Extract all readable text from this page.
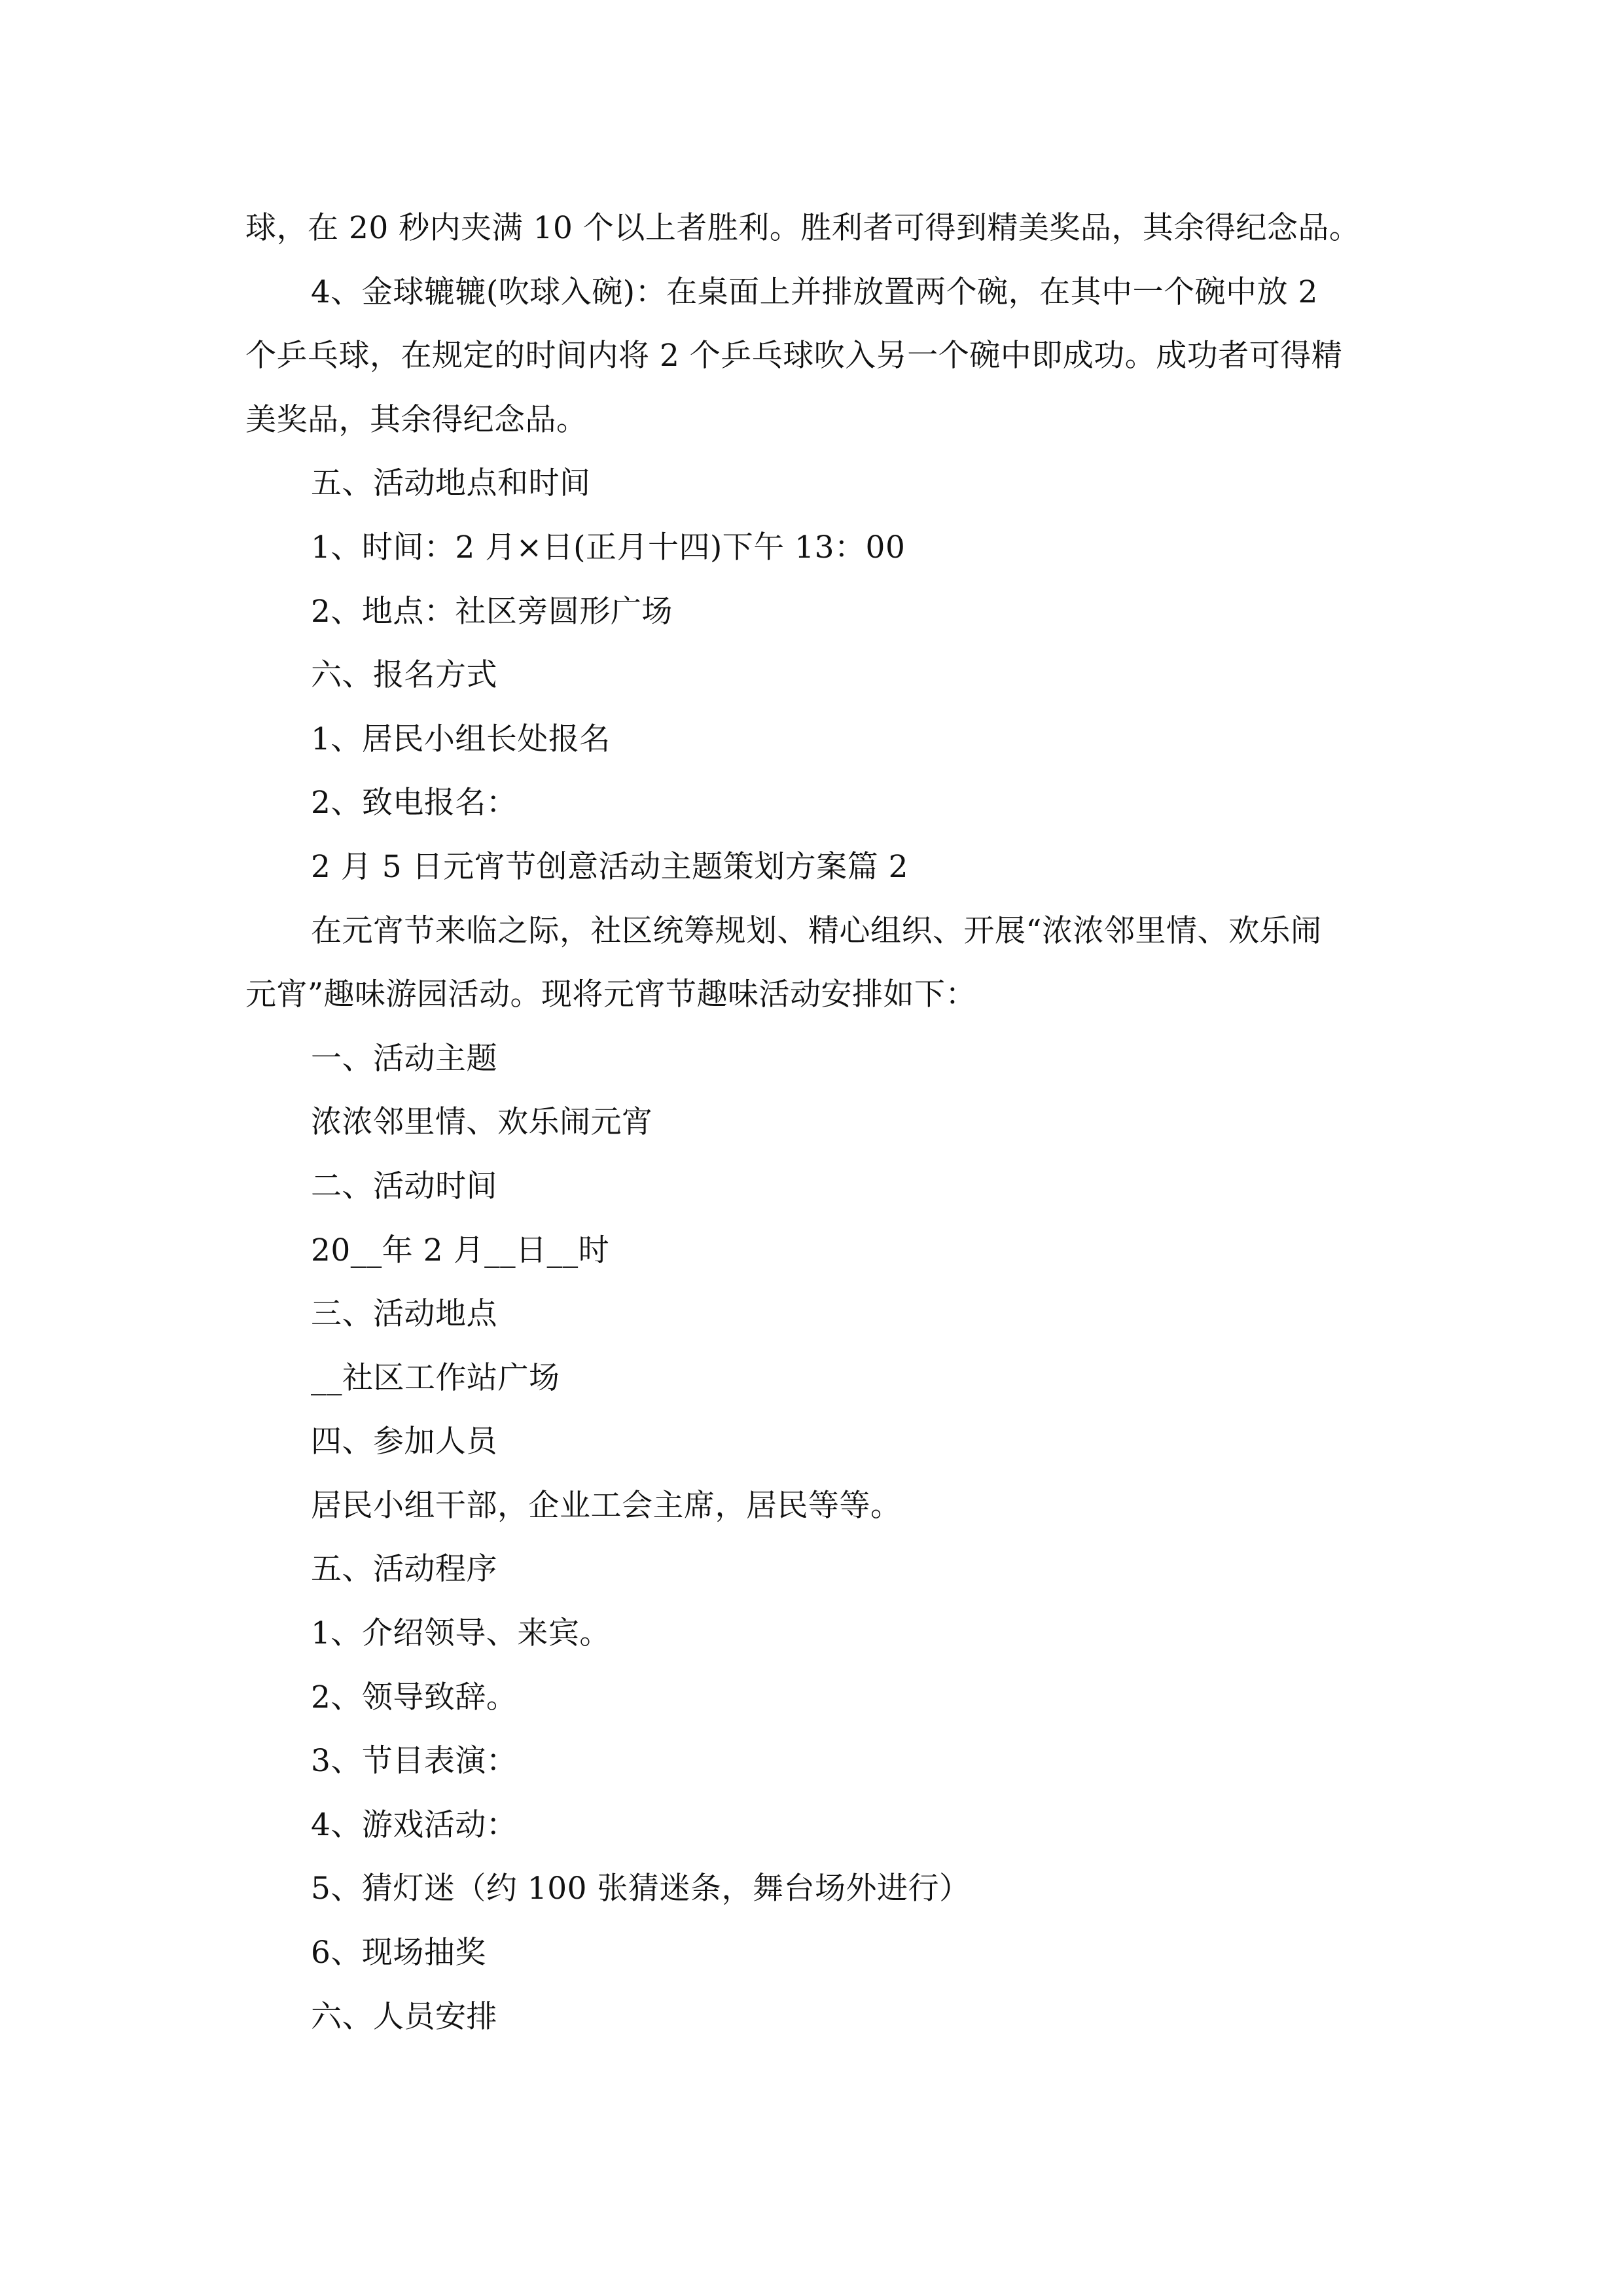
球，在 20 秒内夹满 10 个以上者胜利。胜利者可得到精美奖品，其余得纪念品。
4、金球辘辘(吹球入碗)：在桌面上并排放置两个碗，在其中一个碗中放 2
个乒乓球，在规定的时间内将 2 个乒乓球吹入另一个碗中即成功。成功者可得精
美奖品，其余得纪念品。
五、活动地点和时间
1、时间：2 月×日(正月十四)下午 13：00
2、地点：社区旁圆形广场
六、报名方式
1、居民小组长处报名
2、致电报名：
2 月 5 日元宵节创意活动主题策划方案篇 2
在元宵节来临之际，社区统筹规划、精心组织、开展“浓浓邻里情、欢乐闹
元宵”趣味游园活动。现将元宵节趣味活动安排如下：
一、活动主题
浓浓邻里情、欢乐闹元宵
二、活动时间
20__年 2 月__日__时
三、活动地点
__社区工作站广场
四、参加人员
居民小组干部，企业工会主席，居民等等。
五、活动程序
1、介绍领导、来宾。
2、领导致辞。
3、节目表演：
4、游戏活动：
5、猜灯迷（约 100 张猜迷条，舞台场外进行）
6、现场抽奖
六、人员安排
